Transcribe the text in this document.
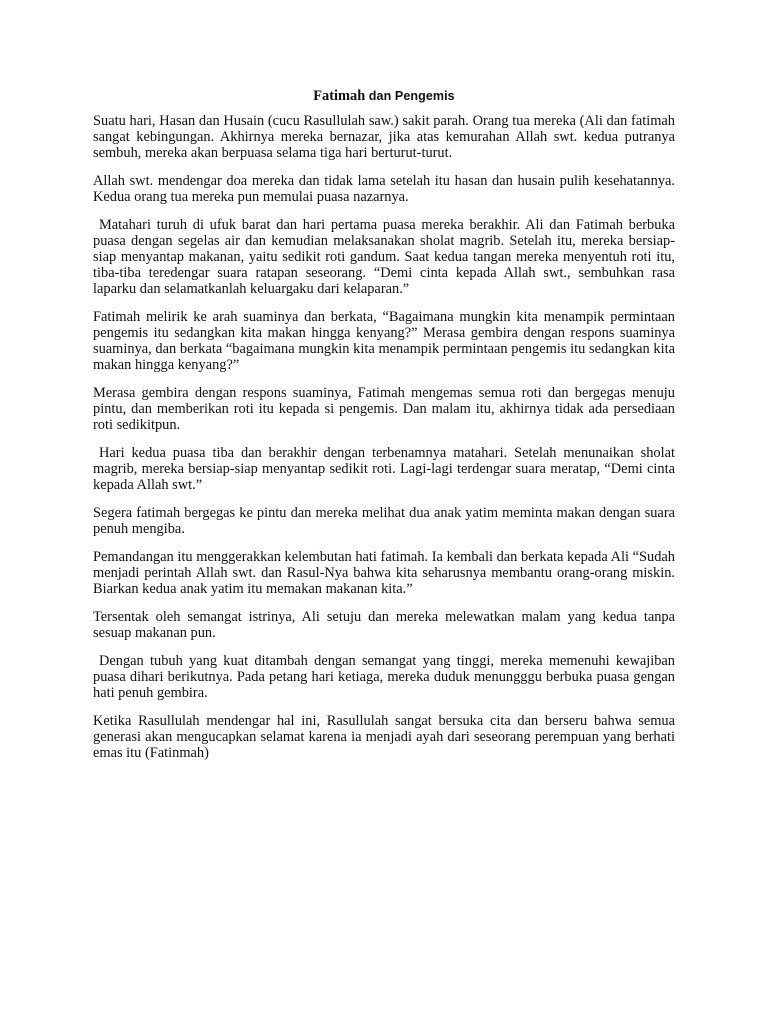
Fatimah dan Pengemis

Suatu hari, Hasan dan Husain (cucu Rasullulah saw.) sakit parah. Orang tua mereka (Ali dan fatimah sangat kebingungan. Akhirnya mereka bernazar, jika atas kemurahan Allah swt. kedua putranya sembuh, mereka akan berpuasa selama tiga hari berturut-turut.

Allah swt. mendengar doa mereka dan tidak lama setelah itu hasan dan husain pulih kesehatannya. Kedua orang tua mereka pun memulai puasa nazarnya.

Matahari turuh di ufuk barat dan hari pertama puasa mereka berakhir. Ali dan Fatimah berbuka puasa dengan segelas air dan kemudian melaksanakan sholat magrib. Setelah itu, mereka bersiap-siap menyantap makanan, yaitu sedikit roti gandum. Saat kedua tangan mereka menyentuh roti itu, tiba-tiba teredengar suara ratapan seseorang. “Demi cinta kepada Allah swt., sembuhkan rasa laparku dan selamatkanlah keluargaku dari kelaparan.”

Fatimah melirik ke arah suaminya dan berkata, “Bagaimana mungkin kita menampik permintaan pengemis itu sedangkan kita makan hingga kenyang?” Merasa gembira dengan respons suaminya suaminya, dan berkata “bagaimana mungkin kita menampik permintaan pengemis itu sedangkan kita makan hingga kenyang?”

Merasa gembira dengan respons suaminya, Fatimah mengemas semua roti dan bergegas menuju pintu, dan memberikan roti itu kepada si pengemis. Dan malam itu, akhirnya tidak ada persediaan roti sedikitpun.

Hari kedua puasa tiba dan berakhir dengan terbenamnya matahari. Setelah menunaikan sholat magrib, mereka bersiap-siap menyantap sedikit roti. Lagi-lagi terdengar suara meratap, “Demi cinta kepada Allah swt.”

Segera fatimah bergegas ke pintu dan mereka melihat dua anak yatim meminta makan dengan suara penuh mengiba.

Pemandangan itu menggerakkan kelembutan hati fatimah. Ia kembali dan berkata kepada Ali “Sudah menjadi perintah Allah swt. dan Rasul-Nya bahwa kita seharusnya membantu orang-orang miskin. Biarkan kedua anak yatim itu memakan makanan kita.”

Tersentak oleh semangat istrinya, Ali setuju dan mereka melewatkan malam yang kedua tanpa sesuap makanan pun.

Dengan tubuh yang kuat ditambah dengan semangat yang tinggi, mereka memenuhi kewajiban puasa dihari berikutnya. Pada petang hari ketiaga, mereka duduk menungggu berbuka puasa gengan hati penuh gembira.

Ketika Rasullulah mendengar hal ini, Rasullulah sangat bersuka cita dan berseru bahwa semua generasi akan mengucapkan selamat karena ia menjadi ayah dari seseorang perempuan yang berhati emas itu (Fatinmah)
